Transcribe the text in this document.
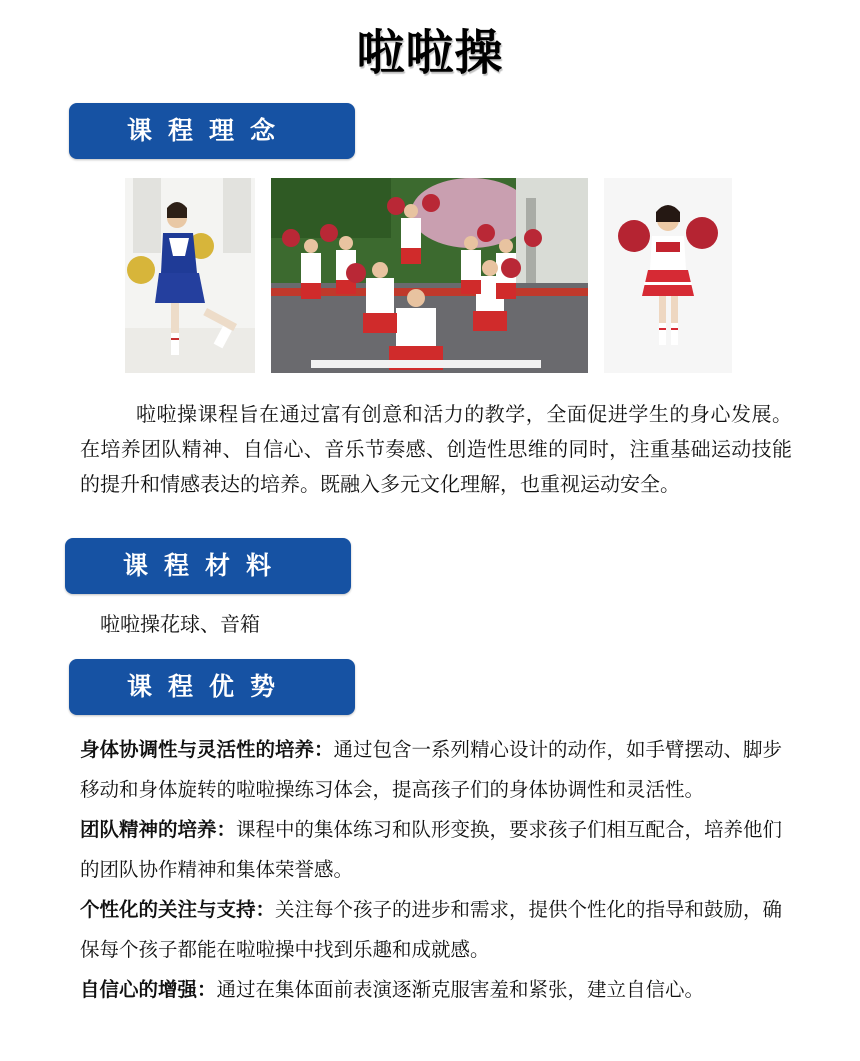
啦啦操
课程理念

啦啦操课程旨在通过富有创意和活力的教学，全面促进学生的身心发展。在培养团队精神、自信心、音乐节奏感、创造性思维的同时，注重基础运动技能的提升和情感表达的培养。既融入多元文化理解，也重视运动安全。

课程材料
啦啦操花球、音箱
课程优势
身体协调性与灵活性的培养：通过包含一系列精心设计的动作，如手臂摆动、脚步移动和身体旋转的啦啦操练习体会，提高孩子们的身体协调性和灵活性。
团队精神的培养：课程中的集体练习和队形变换，要求孩子们相互配合，培养他们的团队协作精神和集体荣誉感。
个性化的关注与支持：关注每个孩子的进步和需求，提供个性化的指导和鼓励，确保每个孩子都能在啦啦操中找到乐趣和成就感。
自信心的增强：通过在集体面前表演逐渐克服害羞和紧张，建立自信心。
